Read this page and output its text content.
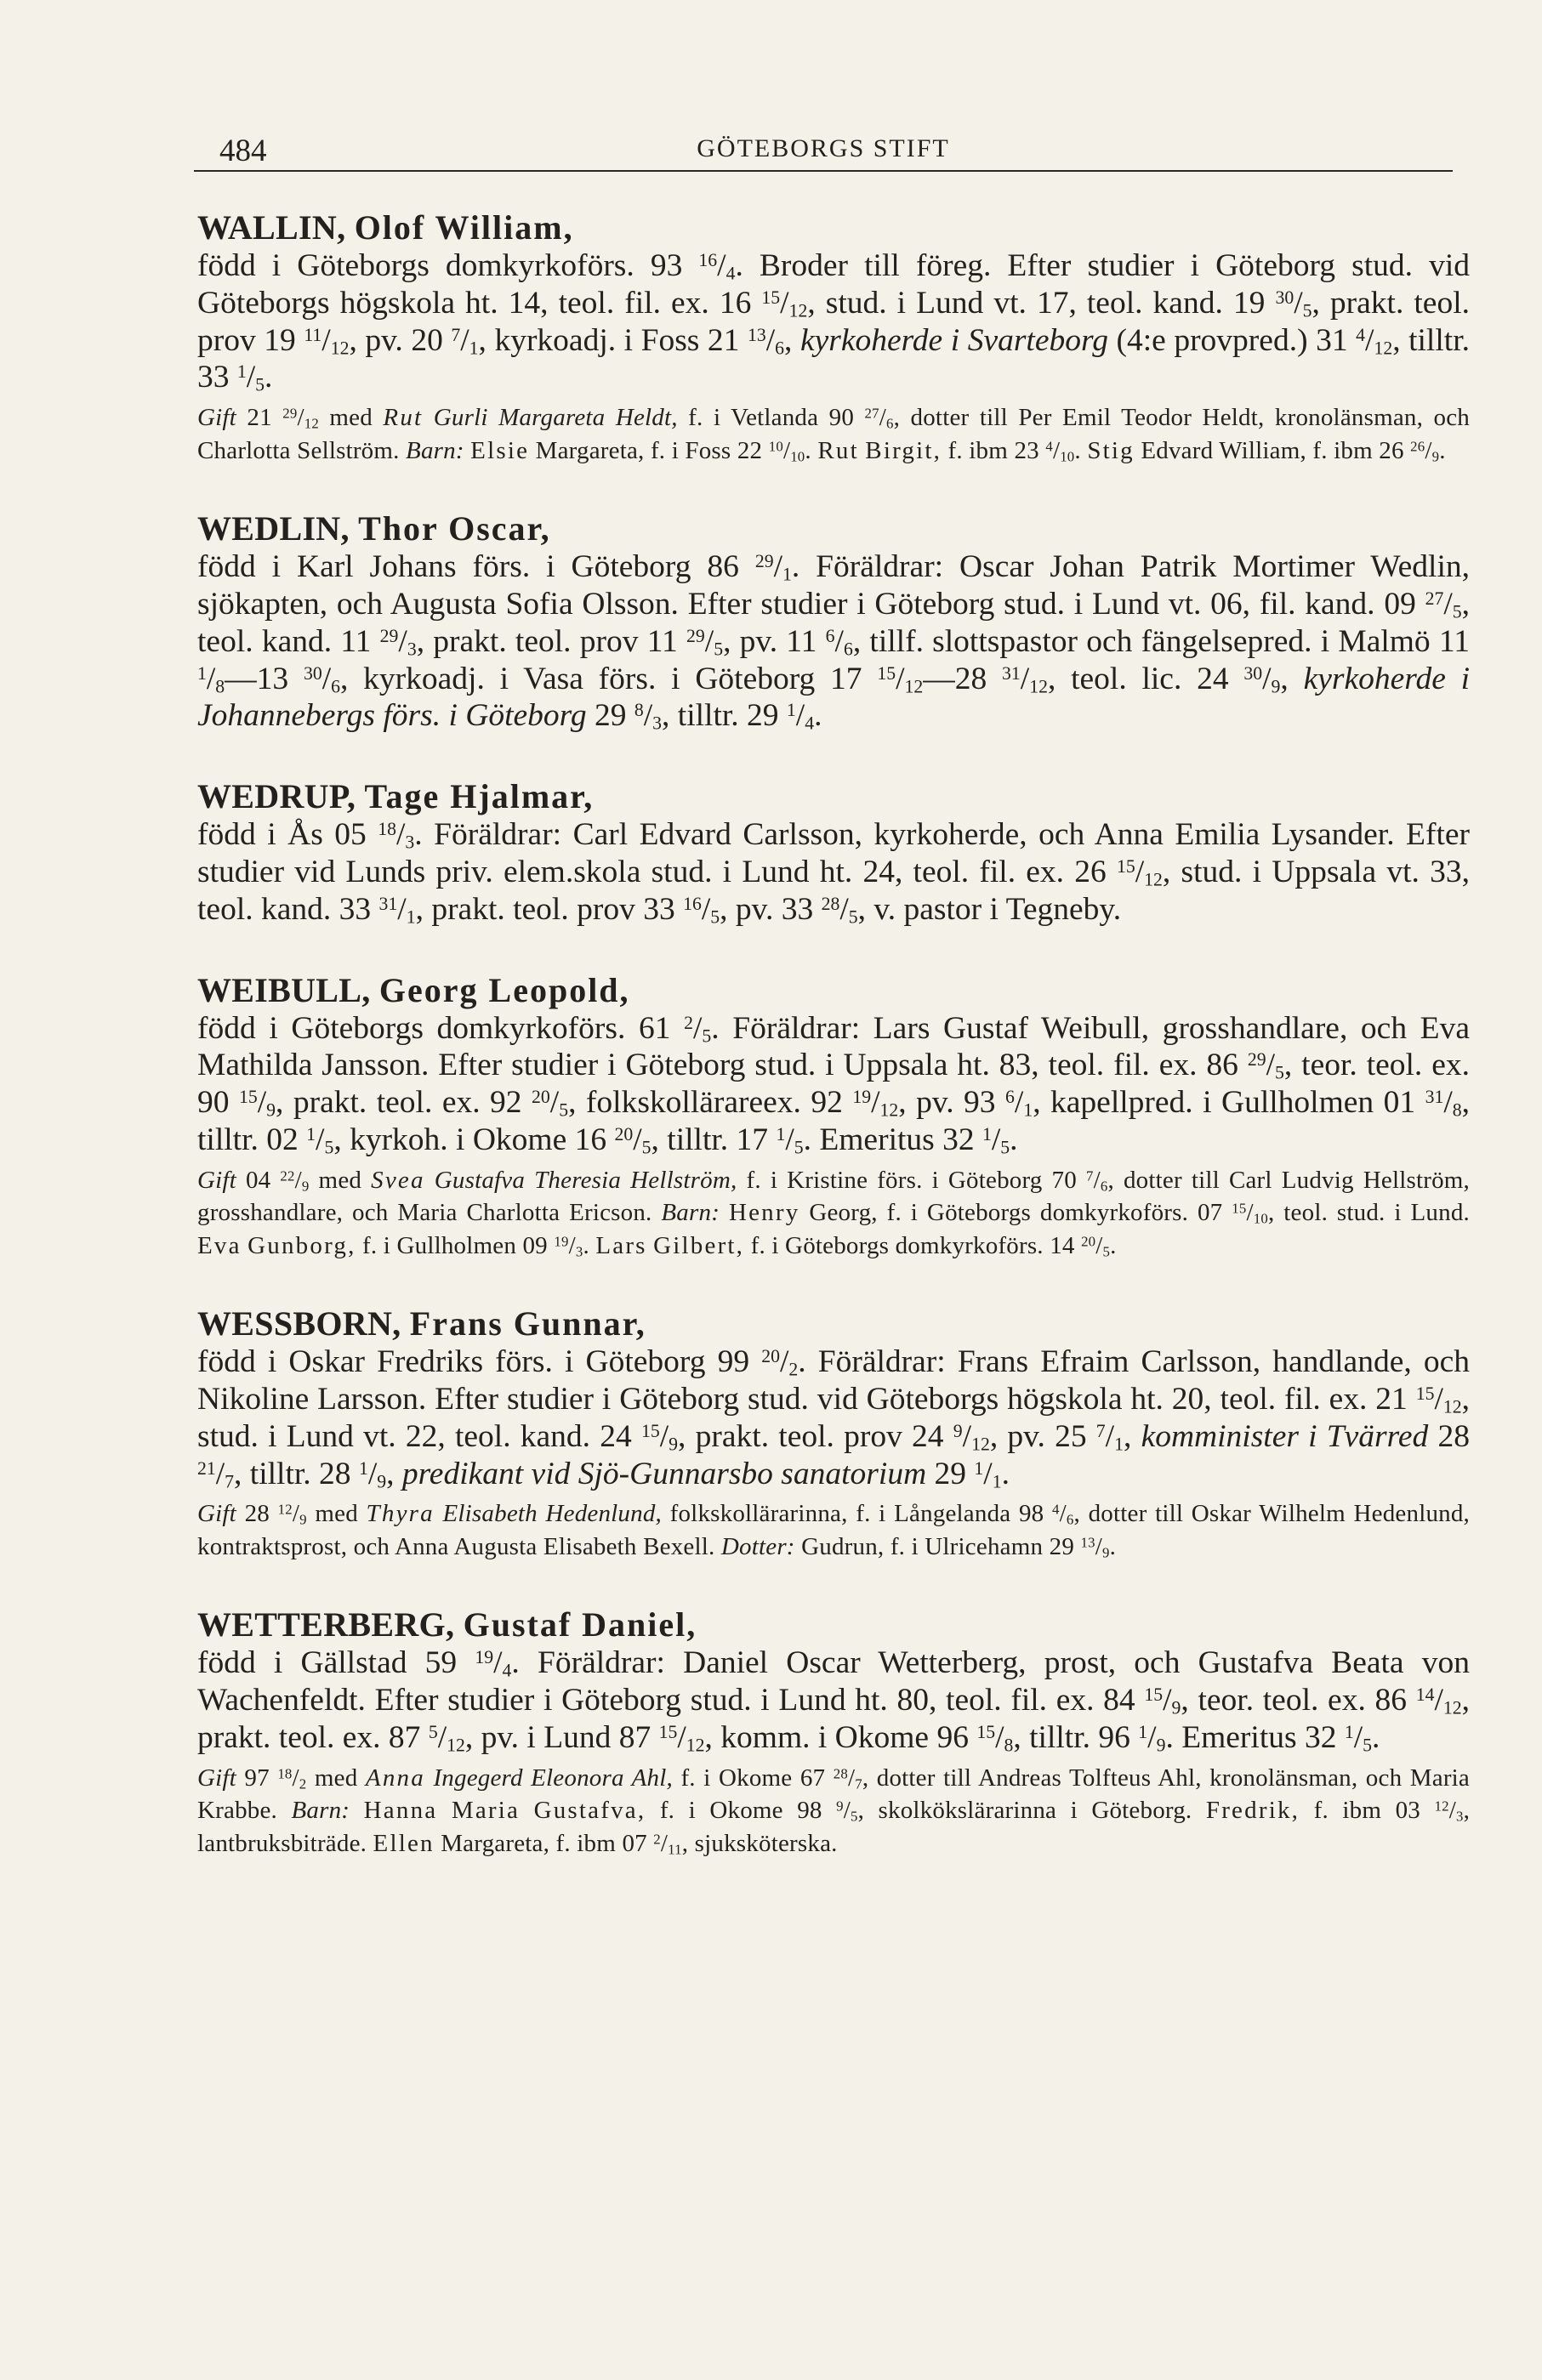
484	GÖTEBORGS STIFT
WALLIN, Olof William,
född i Göteborgs domkyrkoförs. 93 $^{16}/_4$. Broder till föreg. Efter studier i Göteborg stud. vid Göteborgs högskola ht. 14, teol. fil. ex. 16 $^{15}/_{12}$, stud. i Lund vt. 17, teol. kand. 19 $^{30}/_5$, prakt. teol. prov 19 $^{11}/_{12}$, pv. 20 $^7/_1$, kyrkoadj. i Foss 21 $^{13}/_6$, kyrkoherde i Svarteborg (4:e provpred.) 31 $^4/_{12}$, tilltr. 33 $^1/_5$.
Gift 21 $^{29}/_{12}$ med Rut Gurli Margareta Heldt, f. i Vetlanda 90 $^{27}/_6$, dotter till Per Emil Teodor Heldt, kronolänsman, och Charlotta Sellström. Barn: Elsie Margareta, f. i Foss 22 $^{10}/_{10}$. Rut Birgit, f. ibm 23 $^4/_{10}$. Stig Edvard William, f. ibm 26 $^{26}/_9$.
WEDLIN, Thor Oscar,
född i Karl Johans förs. i Göteborg 86 $^{29}/_1$. Föräldrar: Oscar Johan Patrik Mortimer Wedlin, sjökapten, och Augusta Sofia Olsson. Efter studier i Göteborg stud. i Lund vt. 06, fil. kand. 09 $^{27}/_5$, teol. kand. 11 $^{29}/_3$, prakt. teol. prov 11 $^{29}/_5$, pv. 11 $^6/_6$, tillf. slottspastor och fängelsepred. i Malmö 11 $^1/_8—13$ $^{30}/_6$, kyrkoadj. i Vasa förs. i Göteborg 17 $^{15}/_{12}—28$ $^{31}/_{12}$, teol. lic. 24 $^{30}/_9$, kyrkoherde i Johannebergs förs. i Göteborg 29 $^8/_3$, tilltr. 29 $^1/_4$.
WEDRUP, Tage Hjalmar,
född i Ås 05 $^{18}/_3$. Föräldrar: Carl Edvard Carlsson, kyrkoherde, och Anna Emilia Lysander. Efter studier vid Lunds priv. elem.skola stud. i Lund ht. 24, teol. fil. ex. 26 $^{15}/_{12}$, stud. i Uppsala vt. 33, teol. kand. 33 $^{31}/_1$, prakt. teol. prov 33 $^{16}/_5$, pv. 33 $^{28}/_5$, v. pastor i Tegneby.
WEIBULL, Georg Leopold,
född i Göteborgs domkyrkoförs. 61 $^2/_5$. Föräldrar: Lars Gustaf Weibull, grosshandlare, och Eva Mathilda Jansson. Efter studier i Göteborg stud. i Uppsala ht. 83, teol. fil. ex. 86 $^{29}/_5$, teor. teol. ex. 90 $^{15}/_9$, prakt. teol. ex. 92 $^{20}/_5$, folkskollärareex. 92 $^{19}/_{12}$, pv. 93 $^6/_1$, kapellpred. i Gullholmen 01 $^{31}/_8$, tilltr. 02 $^1/_5$, kyrkoh. i Okome 16 $^{20}/_5$, tilltr. 17 $^1/_5$. Emeritus 32 $^1/_5$.
Gift 04 $^{22}/_9$ med Svea Gustafva Theresia Hellström, f. i Kristine förs. i Göteborg 70 $^7/_6$, dotter till Carl Ludvig Hellström, grosshandlare, och Maria Charlotta Ericson. Barn: Henry Georg, f. i Göteborgs domkyrkoförs. 07 $^{15}/_{10}$, teol. stud. i Lund. Eva Gunborg, f. i Gullholmen 09 $^{19}/_3$. Lars Gilbert, f. i Göteborgs domkyrkoförs. 14 $^{20}/_5$.
WESSBORN, Frans Gunnar,
född i Oskar Fredriks förs. i Göteborg 99 $^{20}/_2$. Föräldrar: Frans Efraim Carlsson, handlande, och Nikoline Larsson. Efter studier i Göteborg stud. vid Göteborgs högskola ht. 20, teol. fil. ex. 21 $^{15}/_{12}$, stud. i Lund vt. 22, teol. kand. 24 $^{15}/_9$, prakt. teol. prov 24 $^9/_{12}$, pv. 25 $^7/_1$, komminister i Tvärred 28 $^{21}/_7$, tilltr. 28 $^1/_9$, predikant vid Sjö-Gunnarsbo sanatorium 29 $^1/_1$.
Gift 28 $^{12}/_9$ med Thyra Elisabeth Hedenlund, folkskollärarinna, f. i Långelanda 98 $^4/_6$, dotter till Oskar Wilhelm Hedenlund, kontraktsprost, och Anna Augusta Elisabeth Bexell. Dotter: Gudrun, f. i Ulricehamn 29 $^{13}/_9$.
WETTERBERG, Gustaf Daniel,
född i Gällstad 59 $^{19}/_4$. Föräldrar: Daniel Oscar Wetterberg, prost, och Gustafva Beata von Wachenfeldt. Efter studier i Göteborg stud. i Lund ht. 80, teol. fil. ex. 84 $^{15}/_9$, teor. teol. ex. 86 $^{14}/_{12}$, prakt. teol. ex. 87 $^5/_{12}$, pv. i Lund 87 $^{15}/_{12}$, komm. i Okome 96 $^{15}/_8$, tilltr. 96 $^1/_9$. Emeritus 32 $^1/_5$.
Gift 97 $^{18}/_2$ med Anna Ingegerd Eleonora Ahl, f. i Okome 67 $^{28}/_7$, dotter till Andreas Tolfteus Ahl, kronolänsman, och Maria Krabbe. Barn: Hanna Maria Gustafva, f. i Okome 98 $^9/_5$, skolkökslärarinna i Göteborg. Fredrik, f. ibm 03 $^{12}/_3$, lantbruksbiträde. Ellen Margareta, f. ibm 07 $^2/_{11}$, sjuksköterska.
